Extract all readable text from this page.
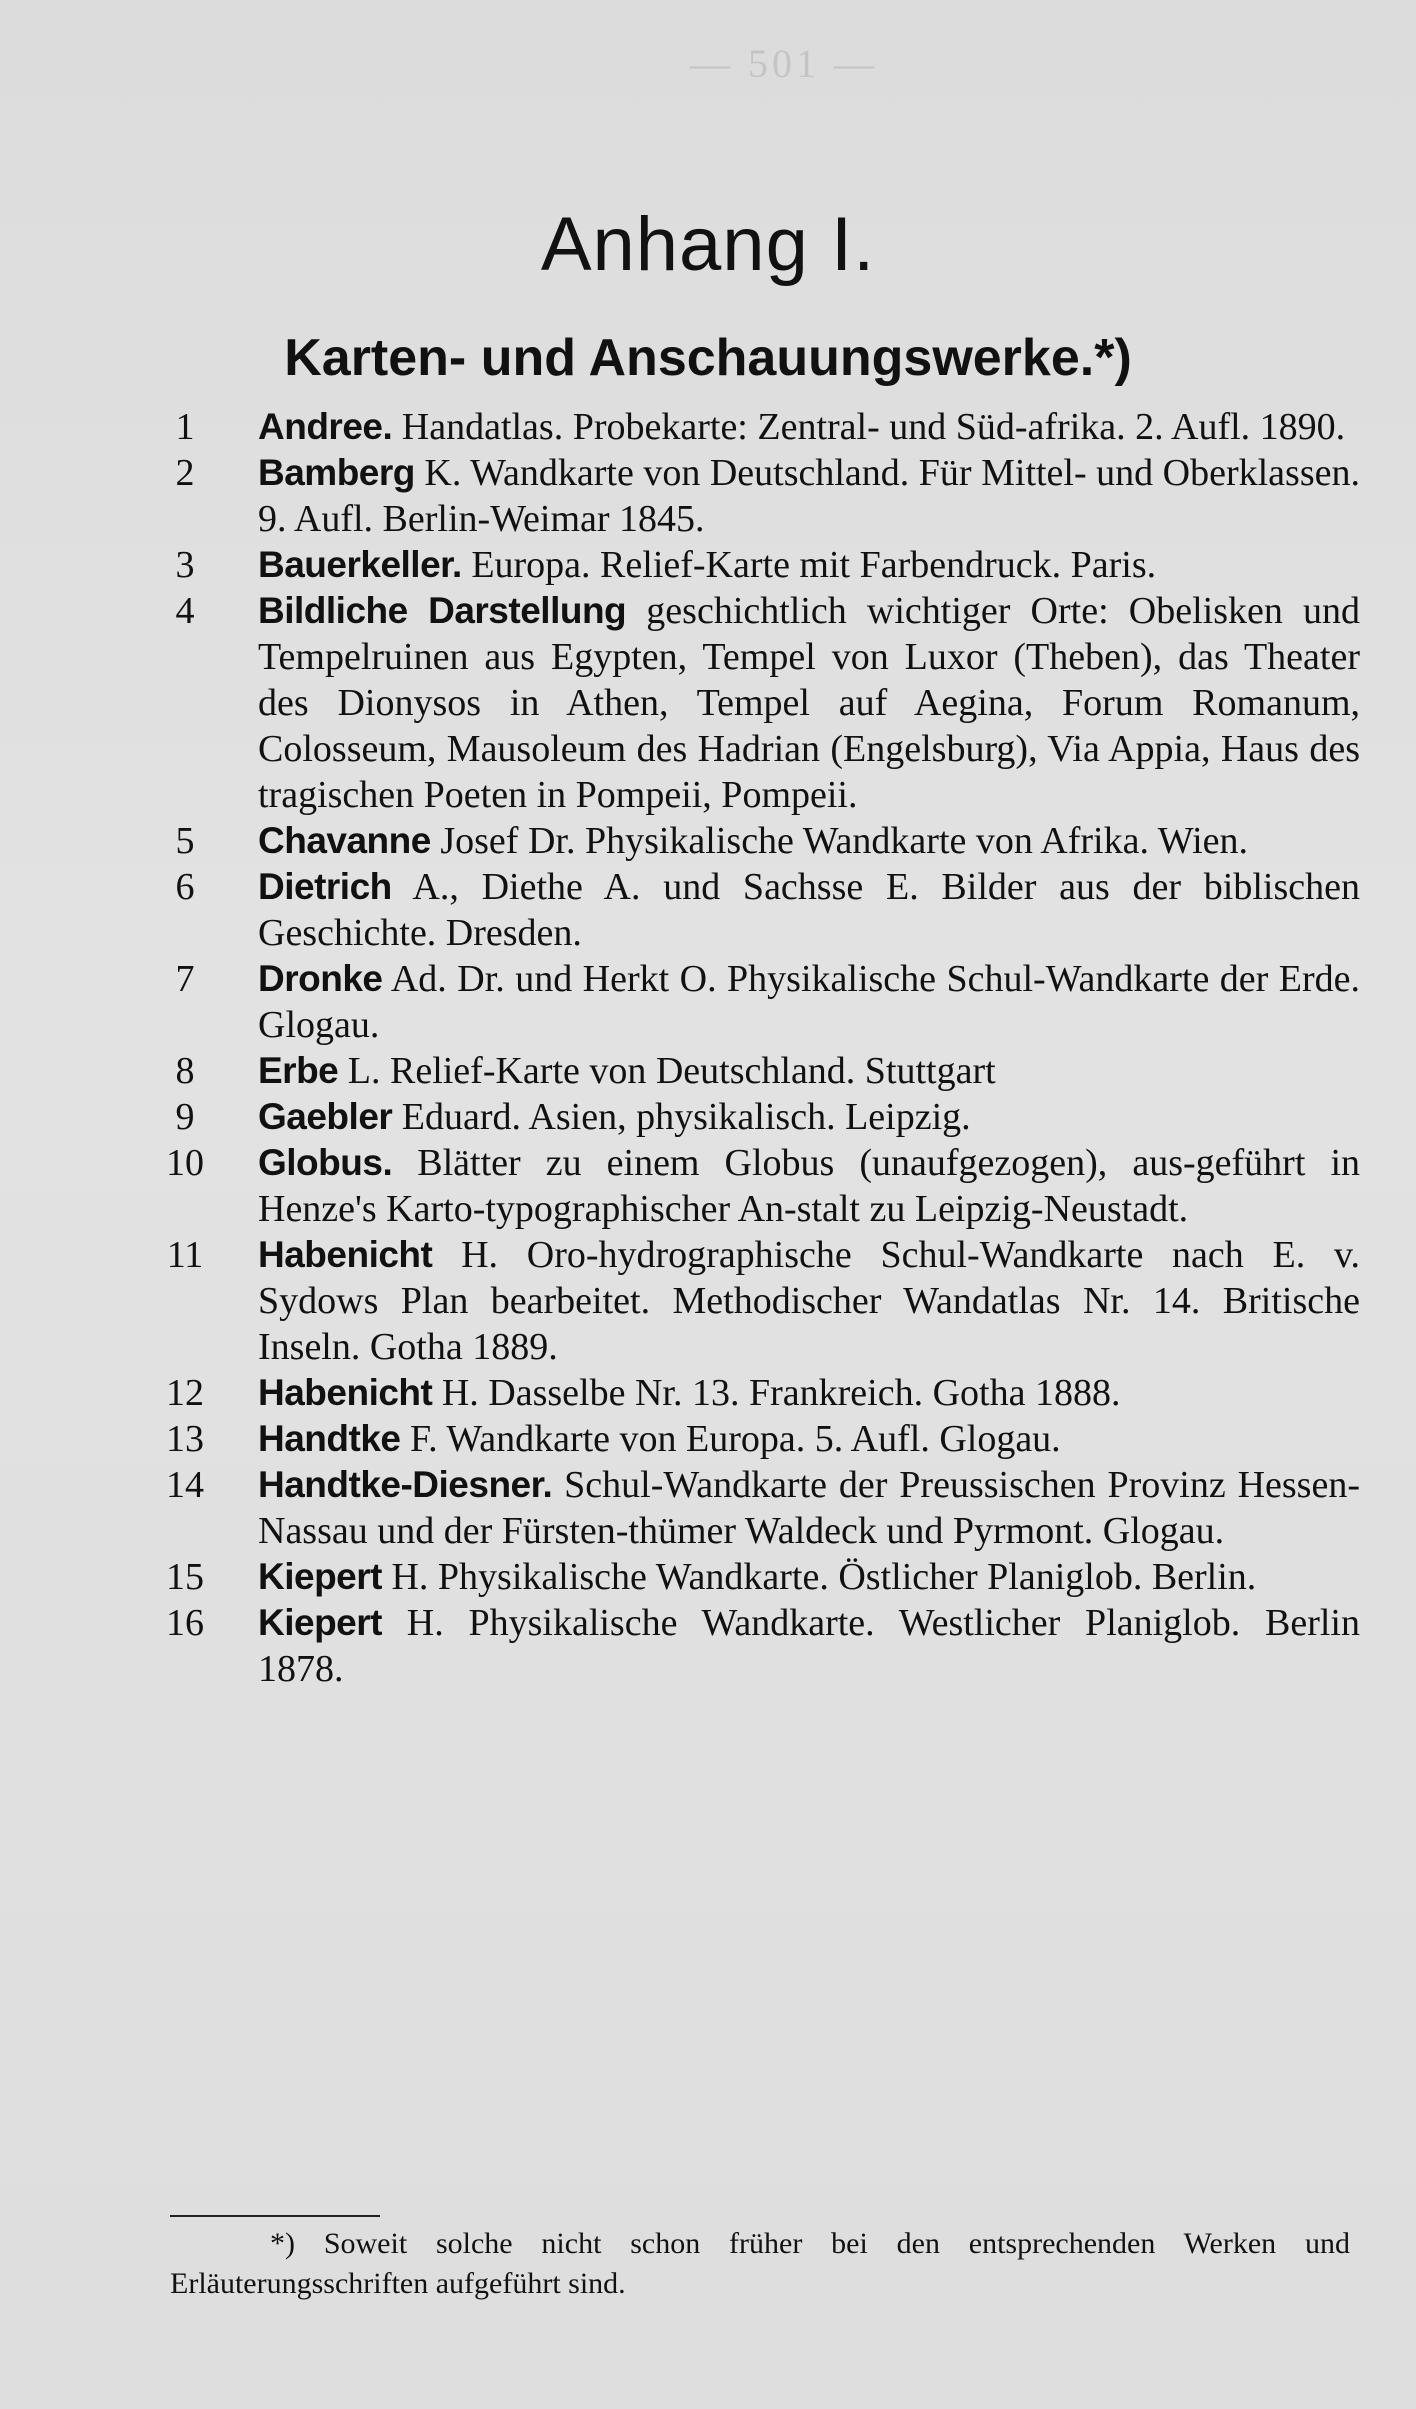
— 501 —
Anhang I.
Karten- und Anschauungswerke.*)
1	Andree. Handatlas. Probekarte: Zentral- und Süd-afrika. 2. Aufl. 1890.
2	Bamberg K. Wandkarte von Deutschland. Für Mittel- und Oberklassen. 9. Aufl. Berlin-Weimar 1845.
3	Bauerkeller. Europa. Relief-Karte mit Farbendruck. Paris.
4	Bildliche Darstellung geschichtlich wichtiger Orte: Obelisken und Tempelruinen aus Egypten, Tempel von Luxor (Theben), das Theater des Dionysos in Athen, Tempel auf Aegina, Forum Romanum, Colosseum, Mausoleum des Hadrian (Engelsburg), Via Appia, Haus des tragischen Poeten in Pompeii, Pompeii.
5	Chavanne Josef Dr. Physikalische Wandkarte von Afrika. Wien.
6	Dietrich A., Diethe A. und Sachsse E. Bilder aus der biblischen Geschichte. Dresden.
7	Dronke Ad. Dr. und Herkt O. Physikalische Schul-Wandkarte der Erde. Glogau.
8	Erbe L. Relief-Karte von Deutschland. Stuttgart
9	Gaebler Eduard. Asien, physikalisch. Leipzig.
10 Globus. Blätter zu einem Globus (unaufgezogen), aus-geführt in Henze's Karto-typographischer An-stalt zu Leipzig-Neustadt.
11 Habenicht H. Oro-hydrographische Schul-Wandkarte nach E. v. Sydows Plan bearbeitet. Methodischer Wandatlas Nr. 14. Britische Inseln. Gotha 1889.
12 Habenicht H. Dasselbe Nr. 13. Frankreich. Gotha 1888.
13 Handtke F. Wandkarte von Europa. 5. Aufl. Glogau.
14 Handtke-Diesner. Schul-Wandkarte der Preussischen Provinz Hessen-Nassau und der Fürsten-thümer Waldeck und Pyrmont. Glogau.
15 Kiepert H. Physikalische Wandkarte. Östlicher Planiglob. Berlin.
16 Kiepert H. Physikalische Wandkarte. Westlicher Planiglob. Berlin 1878.
*) Soweit solche nicht schon früher bei den entsprechenden Werken und Erläuterungsschriften aufgeführt sind.
